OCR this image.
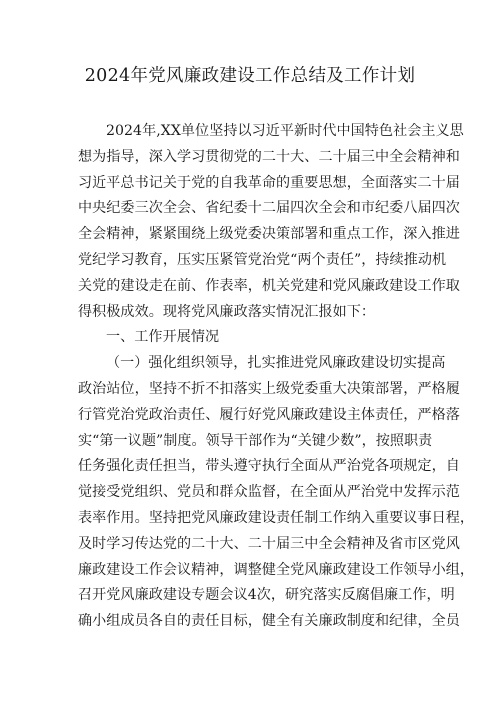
2024年党风廉政建设工作总结及工作计划
2024年,XX单位坚持以习近平新时代中国特色社会主义思
想为指导，深入学习贯彻党的二十大、二十届三中全会精神和
习近平总书记关于党的自我革命的重要思想，全面落实二十届
中央纪委三次全会、省纪委十二届四次全会和市纪委八届四次
全会精神，紧紧围绕上级党委决策部署和重点工作，深入推进
党纪学习教育，压实压紧管党治党“两个责任”，持续推动机
关党的建设走在前、作表率，机关党建和党风廉政建设工作取
得积极成效。现将党风廉政落实情况汇报如下：
一、工作开展情况
（一）强化组织领导，扎实推进党风廉政建设切实提高
政治站位，坚持不折不扣落实上级党委重大决策部署，严格履
行管党治党政治责任、履行好党风廉政建设主体责任，严格落
实“第一议题”制度。领导干部作为“关键少数”，按照职责
任务强化责任担当，带头遵守执行全面从严治党各项规定，自
觉接受党组织、党员和群众监督，在全面从严治党中发挥示范
表率作用。坚持把党风廉政建设责任制工作纳入重要议事日程，
及时学习传达党的二十大、二十届三中全会精神及省市区党风
廉政建设工作会议精神，调整健全党风廉政建设工作领导小组，
召开党风廉政建设专题会议4次，研究落实反腐倡廉工作，明
确小组成员各自的责任目标，健全有关廉政制度和纪律，全员
